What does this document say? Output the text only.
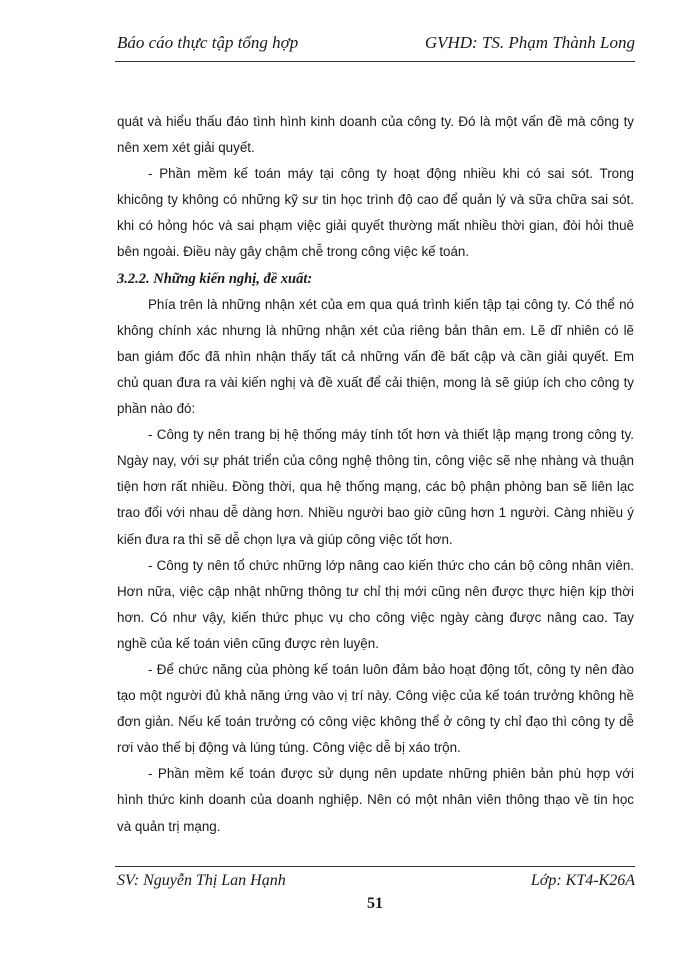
Báo cáo thực tập tổng hợp	GVHD: TS. Phạm Thành Long

quát và hiểu thấu đáo tình hình kinh doanh của công ty. Đó là một vấn đề mà công ty nên xem xét giải quyết.

- Phần mềm kế toán máy tại công ty hoạt động nhiều khi có sai sót. Trong khicông ty không có những kỹ sư tin học trình độ cao để quản lý và sữa chữa sai sót. khi có hỏng hóc và sai phạm việc giải quyết thường mất nhiều thời gian, đòi hỏi thuê bên ngoài. Điều này gây chậm chễ trong công việc kế toán.

3.2.2. Những kiến nghị, đề xuất:

Phía trên là những nhận xét của em qua quá trình kiến tập tại công ty. Có thể nó không chính xác nhưng là những nhận xét của riêng bản thân em. Lẽ dĩ nhiên có lẽ ban giám đốc đã nhìn nhận thấy tất cả những vấn đề bất cập và cần giải quyết. Em chủ quan đưa ra vài kiến nghị và đề xuất để cải thiện, mong là sẽ giúp ích cho công ty phần nào đó:

- Công ty nên trang bị hệ thống máy tính tốt hơn và thiết lập mạng trong công ty. Ngày nay, với sự phát triển của công nghệ thông tin, công việc sẽ nhẹ nhàng và thuận tiện hơn rất nhiều. Đồng thời, qua hệ thống mạng, các bộ phận phòng ban sẽ liên lạc trao đổi với nhau dễ dàng hơn. Nhiều người bao giờ cũng hơn 1 người. Càng nhiều ý kiến đưa ra thì sẽ dễ chọn lựa và giúp công việc tốt hơn.

- Công ty nên tổ chức những lớp nâng cao kiến thức cho cán bộ công nhân viên. Hơn nữa, việc cập nhật những thông tư chỉ thị mới cũng nên được thực hiện kịp thời hơn. Có như vậy, kiến thức phục vụ cho công việc ngày càng được nâng cao. Tay nghề của kế toán viên cũng được rèn luyện.

- Để chức năng của phòng kế toán luôn đảm bảo hoạt động tốt, công ty nên đào tạo một người đủ khả năng ứng vào vị trí này. Công việc của kế toán trưởng không hề đơn giản. Nếu kế toán trưởng có công việc không thể ở công ty chỉ đạo thì công ty dễ rơi vào thế bị động và lúng túng. Công việc dễ bị xáo trộn.

- Phần mềm kế toán được sử dụng nên update những phiên bản phù hợp với hình thức kinh doanh của doanh nghiệp. Nên có một nhân viên thông thạo về tin học và quản trị mạng.

SV: Nguyễn Thị Lan Hạnh	Lớp: KT4-K26A
51
